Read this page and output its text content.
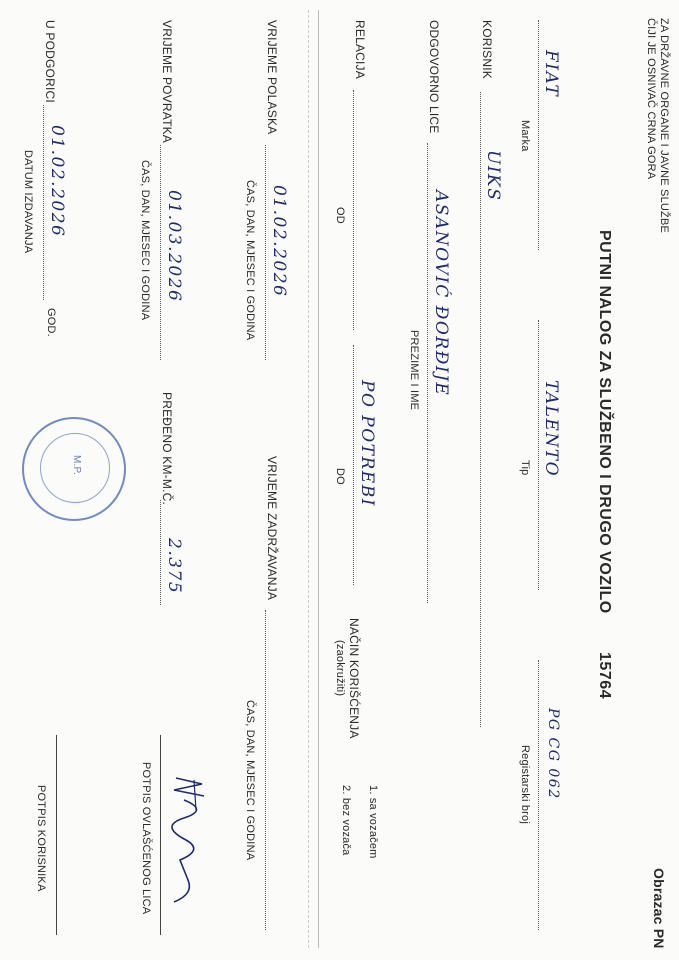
ZA DRŽAVNE ORGANE I JAVNE SLUŽBE
ČIJI JE OSNIVAČ CRNA GORA
Obrazac PN
PUTNI NALOG ZA SLUŽBENO I DRUGO VOZILO
15764
FIAT
Marka
TALENTO
Tip
PG CG 062
Registarski broj
KORISNIK
UIKS
ODGOVORNO LICE
ASANOVIĆ ĐORĐIJE
PREZIME I IME
RELACIJA
OD
PO POTREBI
DO
NAČIN KORIŠĆENJA
(zaokružiti)
1. sa vozačem
2. bez vozača
VRIJEME POLASKA
01.02.2026
ČAS, DAN, MJESEC I GODINA
VRIJEME ZADRŽAVANJA
ČAS, DAN, MJESEC I GODINA
VRIJEME POVRATKA
01.03.2026
ČAS, DAN, MJESEC I GODINA
PREĐENO KM-M.Č.
2.375
POTPIS OVLAŠĆENOG LICA
U PODGORICI
01.02.2026
GOD.
DATUM IZDAVANJA
M.P.
POTPIS KORISNIKA
